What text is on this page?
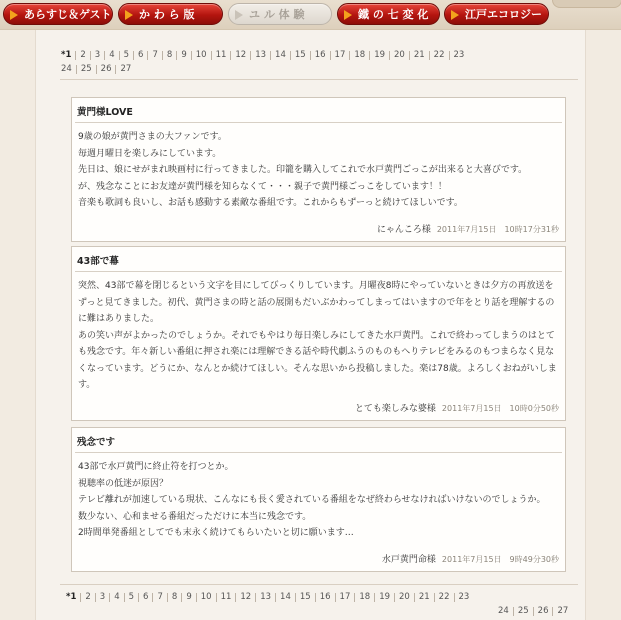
あらすじ＆ゲスト	か わ ら 版	ユ ル 体 験	鐵 の 七 変 化	江戸エコロジー
*1 2 3 4 5 6 7 8 9 10 11 12 13 14 15 16 17 18 19 20 21 22 23
24 25 26 27
黄門様LOVE

9歳の娘が黄門さまの大ファンです。

毎週月曜日を楽しみにしています。

先日は、娘にせがまれ映画村に行ってきました。印籠を購入してこれで水戸黄門ごっこが出来ると大喜びです。

が、残念なことにお友達が黄門様を知らなくて・・・親子で黄門様ごっこをしています！！

音楽も歌詞も良いし、お話も感動する素敵な番組です。これからもずーっと続けてほしいです。

にゃんころ様 2011年7月15日　10時17分31秒
43部で幕

突然、43部で幕を閉じるという文字を目にしてびっくりしています。月曜夜8時にやっていないときは夕方の再放送をずっと見てきました。初代、黄門さまの時と話の展開もだいぶかわってしまってはいますので年をとり話を理解するのに難はありました。

あの笑い声がよかったのでしょうか。それでもやはり毎日楽しみにしてきた水戸黄門。これで終わってしまうのはとても残念です。年々新しい番組に押され楽には理解できる話や時代劇ふうのものもへりテレビをみるのもつまらなく見なくなっています。どうにか、なんとか続けてほしい。そんな思いから投稿しました。楽は78歳。よろしくおねがいします。

とても楽しみな婆様 2011年7月15日　10時0分50秒
残念です

43部で水戸黄門に終止符を打つとか。

視聴率の低迷が原因？

テレビ離れが加速している現状、こんなにも長く愛されている番組をなぜ終わらせなければいけないのでしょうか。

数少ない、心和ませる番組だっただけに本当に残念です。

2時間単発番組としてでも末永く続けてもらいたいと切に願います…

水戸黄門命様 2011年7月15日　9時49分30秒
*1 2 3 4 5 6 7 8 9 10 11 12 13 14 15 16 17 18 19 20 21 22 23
24 25 26 27
